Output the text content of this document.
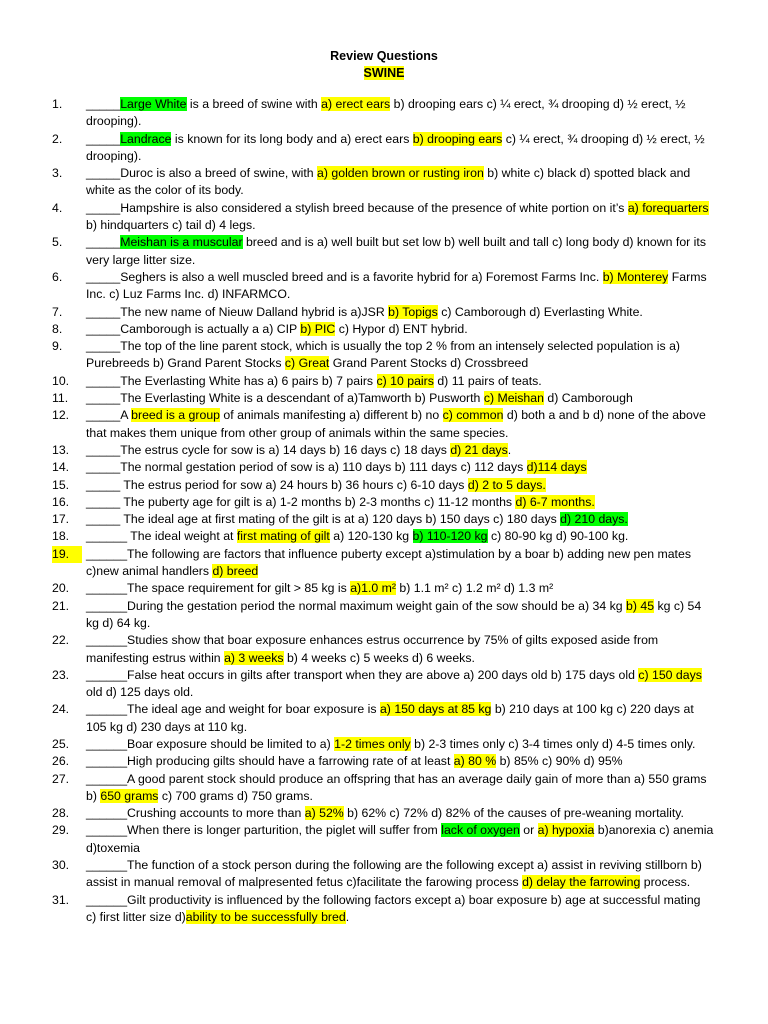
Review Questions
SWINE
1.	_____Large White is a breed of swine with a) erect ears b) drooping ears c) ¼ erect, ¾ drooping d) ½ erect, ½ drooping).
2.	_____Landrace is known for its long body and a) erect ears b) drooping ears c) ¼ erect, ¾ drooping d) ½ erect, ½ drooping).
3.	_____Duroc is also a breed of swine, with a) golden brown or rusting iron b) white c) black d) spotted black and white as the color of its body.
4.	_____Hampshire is also considered a stylish breed because of the presence of white portion on it’s a) forequarters b) hindquarters c) tail d) 4 legs.
5.	_____Meishan is a muscular breed and is a) well built but set low b) well built and tall c) long body d) known for its very large litter size.
6.	_____Seghers is also a well muscled breed and is a favorite hybrid for a) Foremost Farms Inc. b) Monterey Farms Inc. c) Luz Farms Inc. d) INFARMCO.
7.	_____The new name of Nieuw Dalland hybrid is a)JSR b) Topigs c) Camborough d) Everlasting White.
8.	_____Camborough is actually a a) CIP b) PIC c) Hypor d) ENT hybrid.
9.	_____The top of the line parent stock, which is usually the top 2 % from an intensely selected population is a) Purebreeds b) Grand Parent Stocks c) Great Grand Parent Stocks d) Crossbreed
10.	_____The Everlasting White has a) 6 pairs b) 7 pairs c) 10 pairs d) 11 pairs of teats.
11.	_____The Everlasting White is a descendant of a)Tamworth b) Pusworth c) Meishan d) Camborough
12.	_____A breed is a group of animals manifesting a) different b) no c) common d) both a and b d) none of the above that makes them unique from other group of animals within the same species.
13.	_____The estrus cycle for sow is a) 14 days b) 16 days c) 18 days d) 21 days.
14.	_____The normal gestation period of sow is a) 110 days b) 111 days c) 112 days d)114 days
15.	_____ The estrus period for sow a) 24 hours b) 36 hours c) 6-10 days d) 2 to 5 days.
16.	_____ The puberty age for gilt is a) 1-2 months b) 2-3 months c) 11-12 months d) 6-7 months.
17.	_____ The ideal age at first mating of the gilt is at a) 120 days b) 150 days c) 180 days d) 210 days.
18.	______ The ideal weight at first mating of gilt a) 120-130 kg b) 110-120 kg c) 80-90 kg d) 90-100 kg.
19.	______The following are factors that influence puberty except a)stimulation by a boar b) adding new pen mates c)new animal handlers d) breed
20.	______The space requirement for gilt > 85 kg is a)1.0 m² b) 1.1 m² c) 1.2 m² d) 1.3 m²
21.	______During the gestation period the normal maximum weight gain of the sow should be a) 34 kg b) 45 kg c) 54 kg d) 64 kg.
22.	______Studies show that boar exposure enhances estrus occurrence by 75% of gilts exposed aside from manifesting estrus within a) 3 weeks b) 4 weeks c) 5 weeks d) 6 weeks.
23.	______False heat occurs in gilts after transport when they are above a) 200 days old b) 175 days old c) 150 days old d) 125 days old.
24.	______The ideal age and weight for boar exposure is a) 150 days at 85 kg b) 210 days at 100 kg c) 220 days at 105 kg d) 230 days at 110 kg.
25.	______Boar exposure should be limited to a) 1-2 times only b) 2-3 times only c) 3-4 times only d) 4-5 times only.
26.	______High producing gilts should have a farrowing rate of at least a) 80 % b) 85% c) 90% d) 95%
27.	______A good parent stock should produce an offspring that has an average daily gain of more than a) 550 grams b) 650 grams c) 700 grams d) 750 grams.
28.	______Crushing accounts to more than a) 52% b) 62% c) 72% d) 82% of the causes of pre-weaning mortality.
29.	______When there is longer parturition, the piglet will suffer from lack of oxygen or a) hypoxia b)anorexia c) anemia d)toxemia
30.	______The function of a stock person during the following are the following except a) assist in reviving stillborn b) assist in manual removal of malpresented fetus c)facilitate the farowing process d) delay the farrowing process.
31.	______Gilt productivity is influenced by the following factors except a) boar exposure b) age at successful mating c) first litter size d)ability to be successfully bred.
